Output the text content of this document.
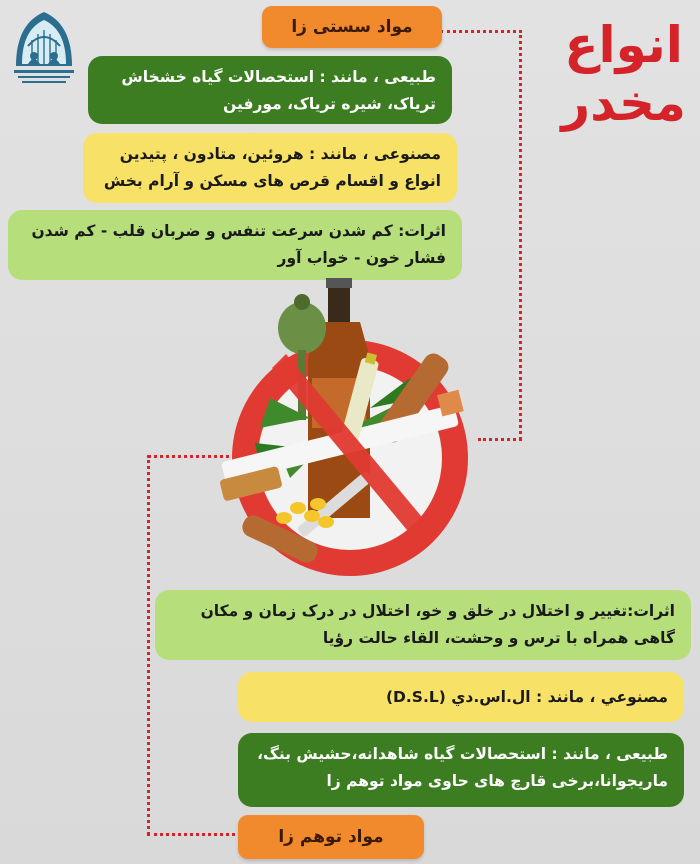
انواع
مخدر
مواد سستی زا
طبیعی ، مانند : استحصالات گیاه خشخاش تریاک، شیره تریاک، مورفین
مصنوعی ، مانند : هروئین، متادون ، پتیدین انواع و اقسام قرص های مسکن و آرام بخش
اثرات: کم شدن سرعت تنفس و ضربان قلب - کم شدن فشار خون - خواب آور
اثرات:تغییر و اختلال در خلق و خو، اختلال در درک زمان و مکان گاهی همراه با ترس و وحشت، القاء حالت رؤیا
مصنوعي ، مانند : ال.اس.دي (D.S.L)
طبیعی ، مانند : استحصالات گیاه شاهدانه،حشیش بنگ، ماریجوانا،برخی قارچ های حاوی مواد توهم زا
مواد توهم زا
